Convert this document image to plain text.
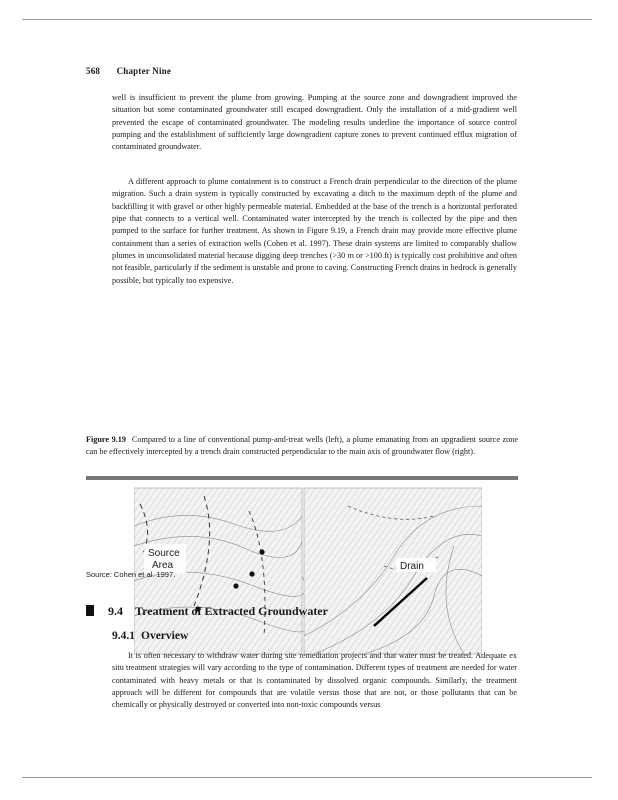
568 Chapter Nine

well is insufficient to prevent the plume from growing. Pumping at the source zone and downgradient improved the situation but some contaminated groundwater still escaped downgradient. Only the installation of a mid-gradient well prevented the escape of contaminated groundwater. The modeling results underline the importance of source control pumping and the establishment of sufficiently large downgradient capture zones to prevent continued efflux migration of contaminated groundwater.

A different approach to plume containment is to construct a French drain perpendicular to the direction of the plume migration. Such a drain system is typically constructed by excavating a ditch to the maximum depth of the plume and backfilling it with gravel or other highly permeable material. Embedded at the base of the trench is a horizontal perforated pipe that connects to a vertical well. Contaminated water intercepted by the trench is collected by the pipe and then pumped to the surface for further treatment. As shown in Figure 9.19, a French drain may provide more effective plume containment than a series of extraction wells (Cohen et al. 1997). These drain systems are limited to comparably shallow plumes in unconsolidated material because digging deep trenches (>30 m or >100 ft) is typically cost prohibitive and often not feasible, particularly if the sediment is unstable and prone to caving. Constructing French drains in bedrock is generally possible, but typically too expensive.

Figure 9.19 Compared to a line of conventional pump-and-treat wells (left), a plume emanating from an upgradient source zone can be effectively intercepted by a trench drain constructed perpendicular to the main axis of groundwater flow (right).

Source
Area	Drain
Source: Cohen et al. 1997.
9.4 Treatment of Extracted Groundwater
9.4.1 Overview

It is often necessary to withdraw water during site remediation projects and that water must be treated. Adequate ex situ treatment strategies will vary according to the type of contamination. Different types of treatment are needed for water contaminated with heavy metals or that is contaminated by dissolved organic compounds. Similarly, the treatment approach will be different for compounds that are volatile versus those that are not, or those pollutants that can be chemically or physically destroyed or converted into non-toxic compounds versus
